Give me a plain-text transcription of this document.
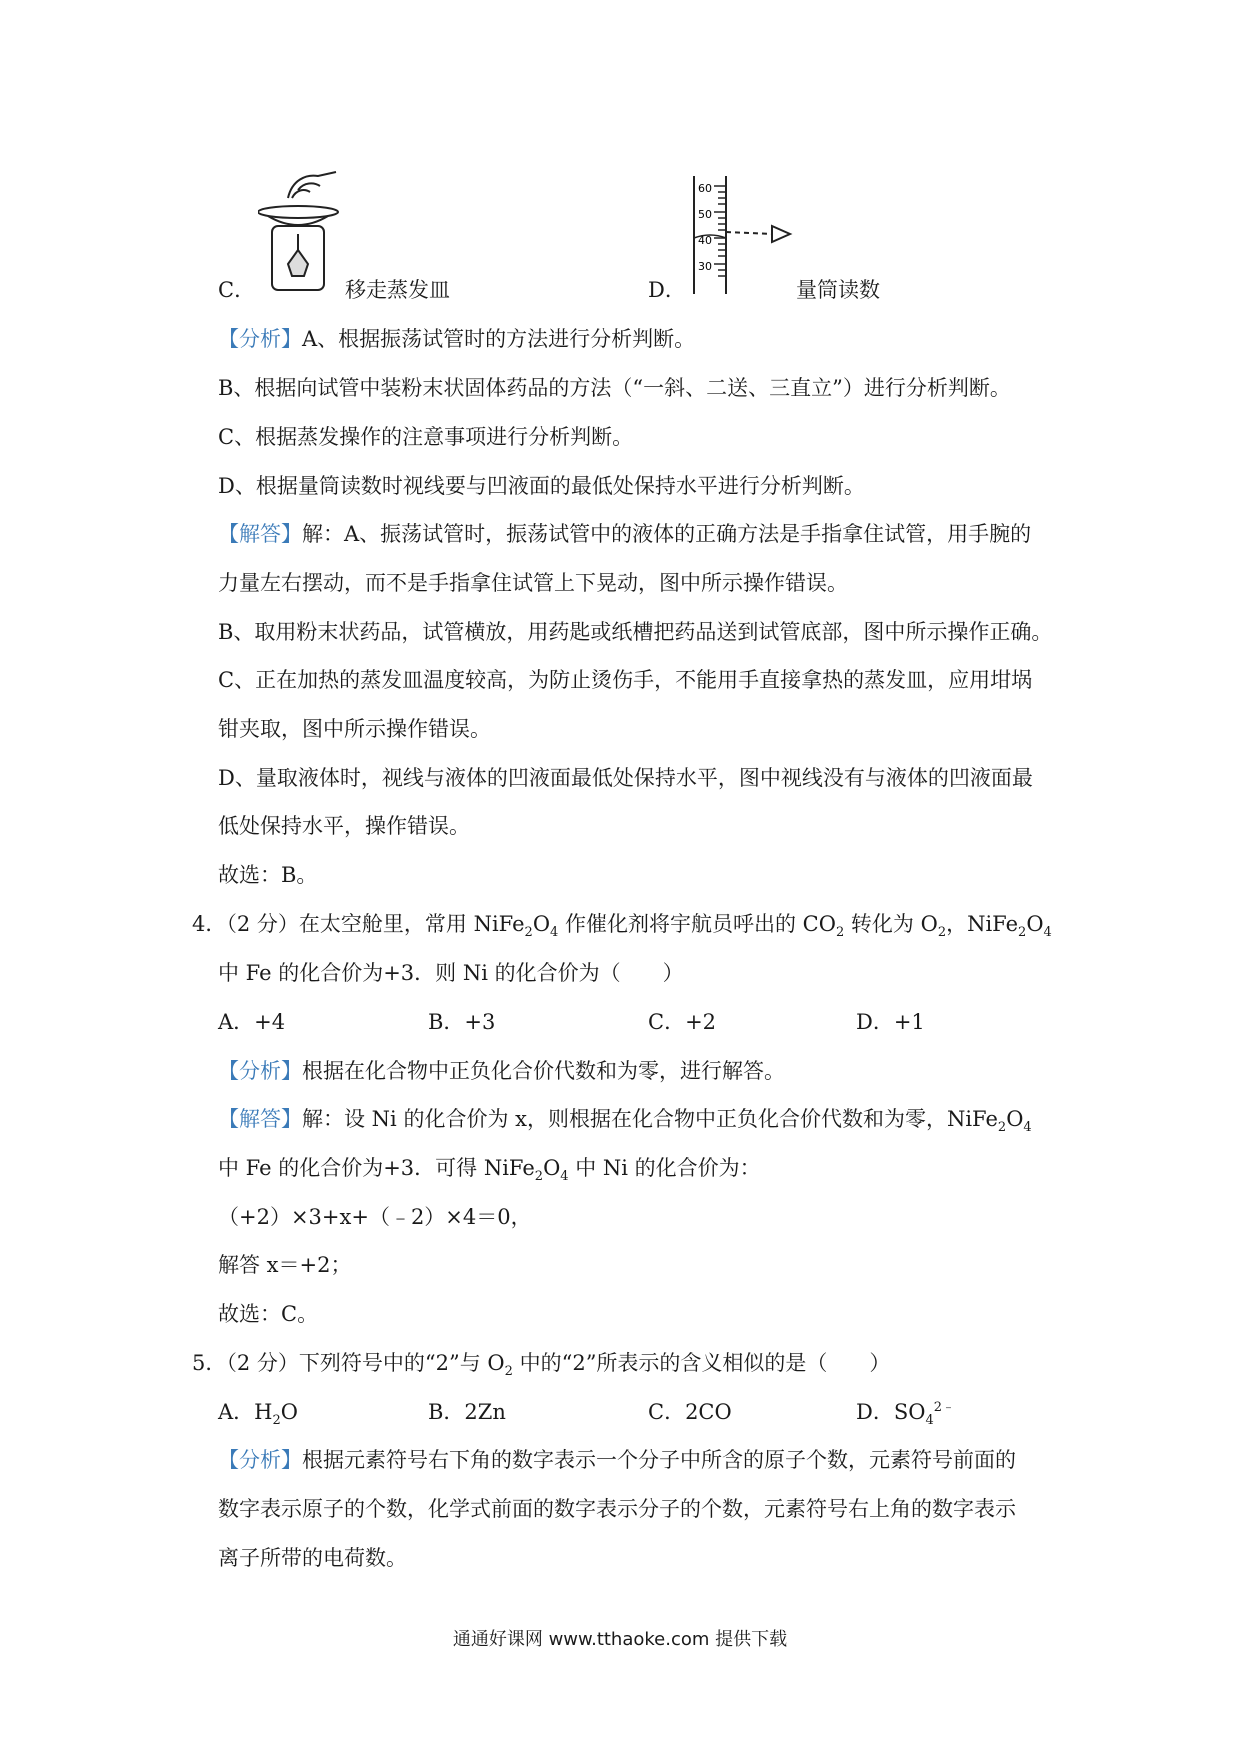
C．	移走蒸发皿	D．
60
50
40
30
量筒读数
【分析】A、根据振荡试管时的方法进行分析判断。
B、根据向试管中装粉末状固体药品的方法（“一斜、二送、三直立”）进行分析判断。
C、根据蒸发操作的注意事项进行分析判断。
D、根据量筒读数时视线要与凹液面的最低处保持水平进行分析判断。
【解答】解：A、振荡试管时，振荡试管中的液体的正确方法是手指拿住试管，用手腕的
力量左右摆动，而不是手指拿住试管上下晃动，图中所示操作错误。
B、取用粉末状药品，试管横放，用药匙或纸槽把药品送到试管底部，图中所示操作正确。
C、正在加热的蒸发皿温度较高，为防止烫伤手，不能用手直接拿热的蒸发皿，应用坩埚
钳夹取，图中所示操作错误。
D、量取液体时，视线与液体的凹液面最低处保持水平，图中视线没有与液体的凹液面最
低处保持水平，操作错误。
故选：B。
4．（2 分）在太空舱里，常用 $NiFe_2O_4$ 作催化剂将宇航员呼出的 $CO_2$ 转化为 $O_2$，$NiFe_2O_4$
中 Fe 的化合价为+3．则 Ni 的化合价为（　　）
A．+4	B．+3	C．+2	D．+1
【分析】根据在化合物中正负化合价代数和为零，进行解答。
【解答】解：设 Ni 的化合价为 x，则根据在化合物中正负化合价代数和为零，$NiFe_2O_4$
中 Fe 的化合价为+3．可得 $NiFe_2O_4$ 中 Ni 的化合价为：
（+2）×3+x+（﹣2）×4＝0，
解答 x＝+2；
故选：C。
5．（2 分）下列符号中的“2”与 $O_2$ 中的“2”所表示的含义相似的是（　　）
A．$H_2O$	B．2Zn	C．2CO	D．$SO_4^{2﹣}$
【分析】根据元素符号右下角的数字表示一个分子中所含的原子个数，元素符号前面的
数字表示原子的个数，化学式前面的数字表示分子的个数，元素符号右上角的数字表示
离子所带的电荷数。
通通好课网 www.tthaoke.com 提供下载
